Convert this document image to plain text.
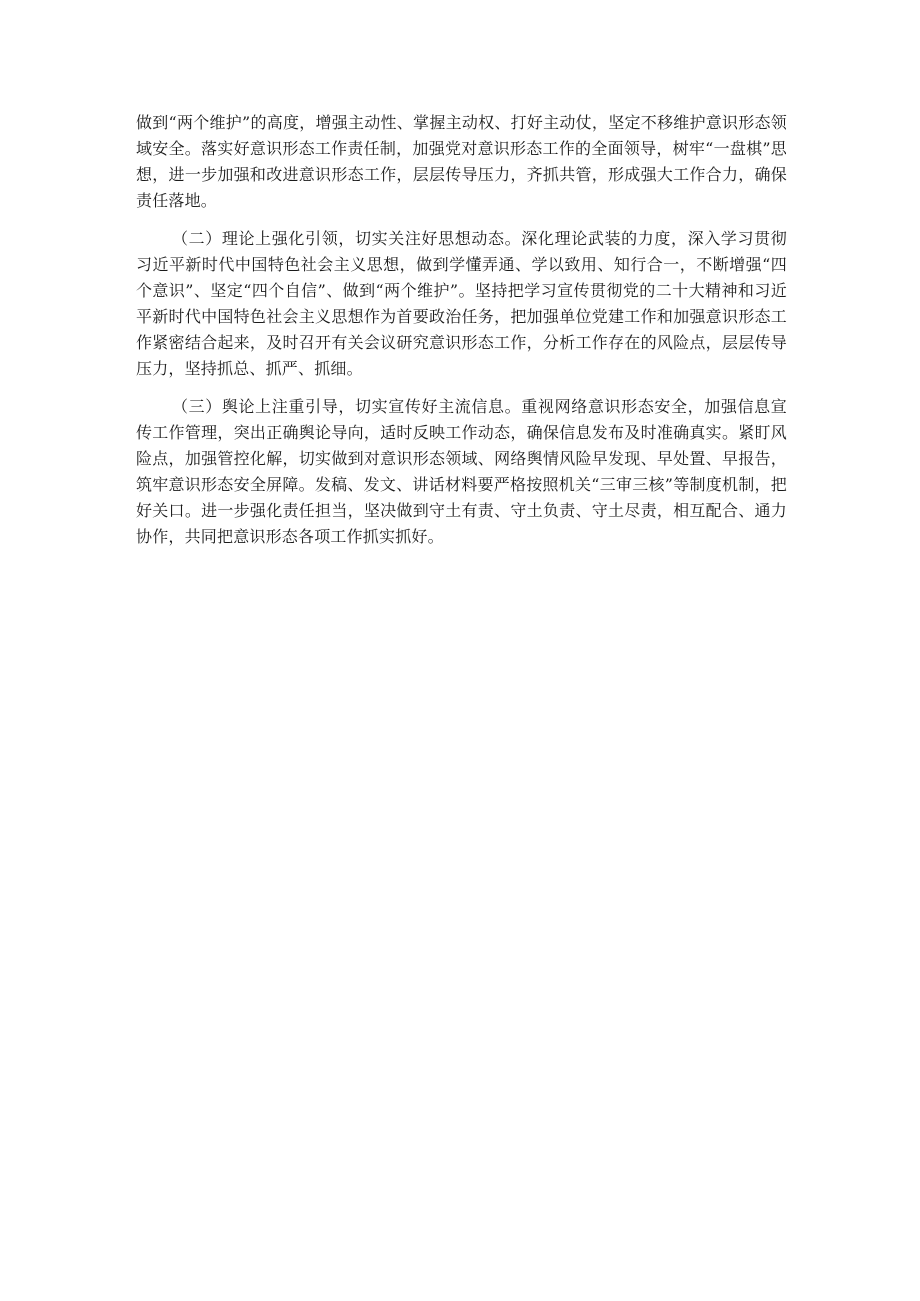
做到“两个维护”的高度，增强主动性、掌握主动权、打好主动仗，坚定不移维护意识形态领域安全。落实好意识形态工作责任制，加强党对意识形态工作的全面领导，树牢“一盘棋”思想，进一步加强和改进意识形态工作，层层传导压力，齐抓共管，形成强大工作合力，确保责任落地。

（二）理论上强化引领，切实关注好思想动态。深化理论武装的力度，深入学习贯彻习近平新时代中国特色社会主义思想，做到学懂弄通、学以致用、知行合一，不断增强“四个意识”、坚定“四个自信”、做到“两个维护”。坚持把学习宣传贯彻党的二十大精神和习近平新时代中国特色社会主义思想作为首要政治任务，把加强单位党建工作和加强意识形态工作紧密结合起来，及时召开有关会议研究意识形态工作，分析工作存在的风险点，层层传导压力，坚持抓总、抓严、抓细。

（三）舆论上注重引导，切实宣传好主流信息。重视网络意识形态安全，加强信息宣传工作管理，突出正确舆论导向，适时反映工作动态，确保信息发布及时准确真实。紧盯风险点，加强管控化解，切实做到对意识形态领域、网络舆情风险早发现、早处置、早报告，筑牢意识形态安全屏障。发稿、发文、讲话材料要严格按照机关“三审三核”等制度机制，把好关口。进一步强化责任担当，坚决做到守土有责、守土负责、守土尽责，相互配合、通力协作，共同把意识形态各项工作抓实抓好。
